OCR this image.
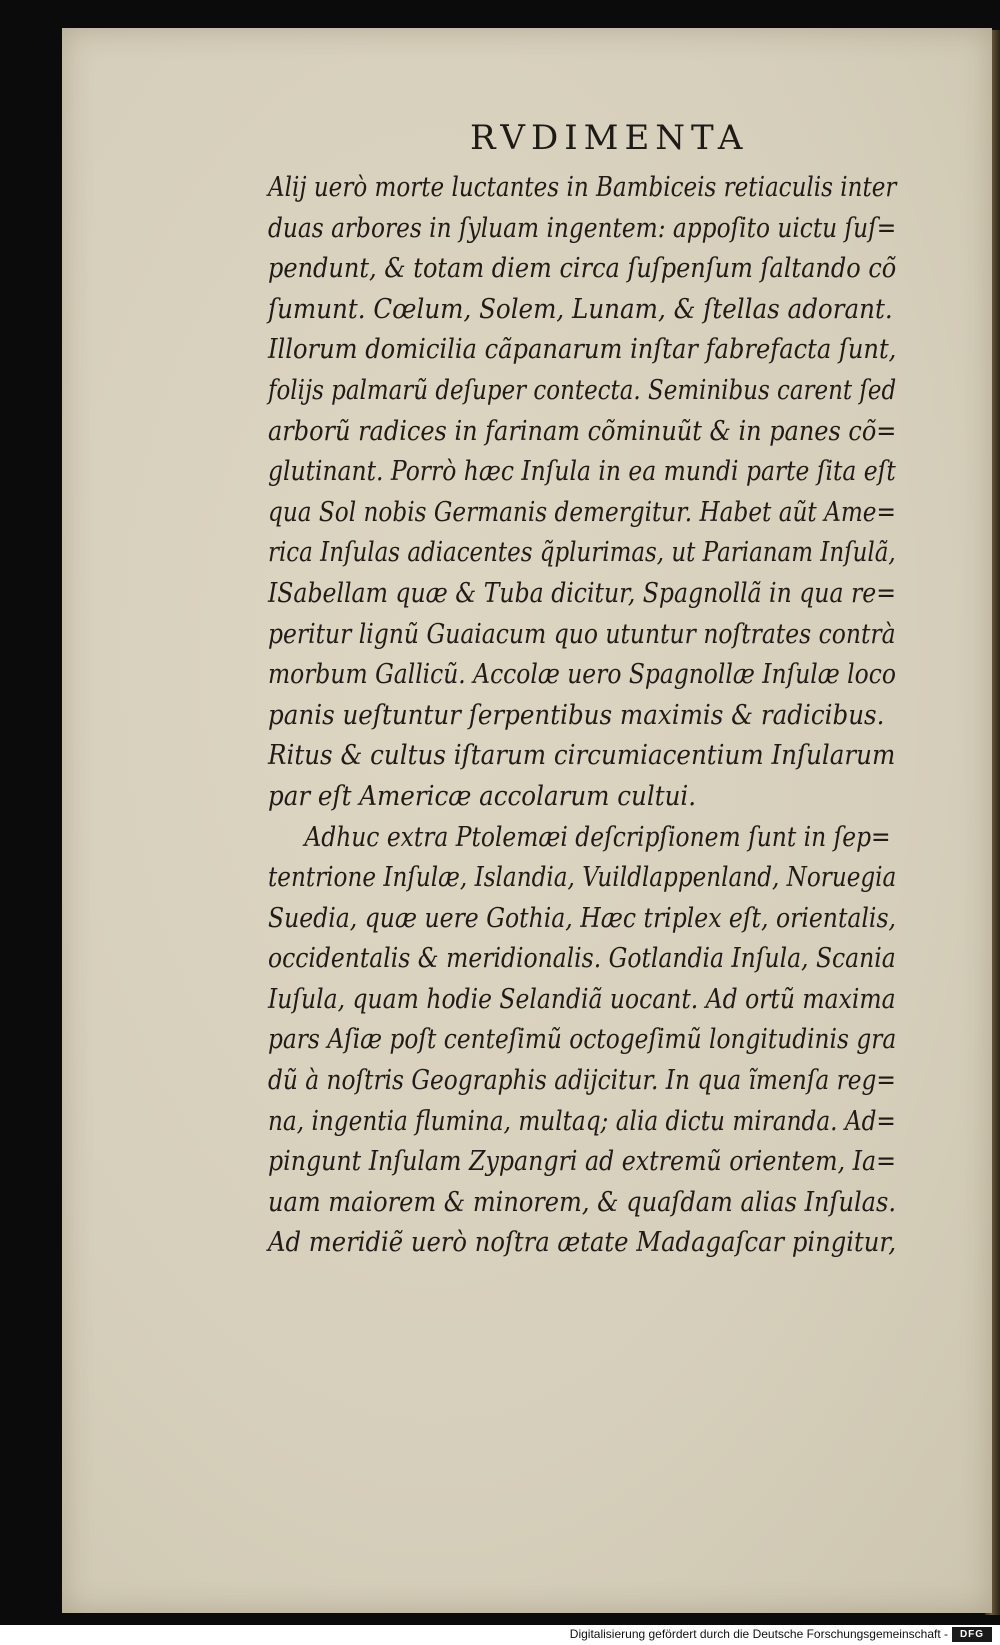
RVDIMENTA
Alij uerò morte luctantes in Bambiceis retiaculis inter
duas arbores in ſyluam ingentem: appoſito uictu ſuſ=
pendunt, & totam diem circa ſuſpenſum ſaltando cõ
ſumunt. Cœlum, Solem, Lunam, & ſtellas adorant.
Illorum domicilia cãpanarum inſtar fabrefacta ſunt,
folijs palmarũ deſuper contecta. Seminibus carent ſed
arborũ radices in farinam cõminuũt & in panes cõ=
glutinant. Porrò hæc Inſula in ea mundi parte ſita eſt
qua Sol nobis Germanis demergitur. Habet aũt Ame=
rica Inſulas adiacentes q̃plurimas, ut Parianam Inſulã,
ISabellam quæ & Tuba dicitur, Spagnollã in qua re=
peritur lignũ Guaiacum quo utuntur noſtrates contrà
morbum Gallicũ. Accolæ uero Spagnollæ Inſulæ loco
panis ueſtuntur ſerpentibus maximis & radicibus.
Ritus & cultus iſtarum circumiacentium Inſularum
par eſt Americæ accolarum cultui.
Adhuc extra Ptolemæi deſcripſionem ſunt in ſep=
tentrione Inſulæ, Islandia, Vuildlappenland, Noruegia
Suedia, quæ uere Gothia, Hæc triplex eſt, orientalis,
occidentalis & meridionalis. Gotlandia Inſula, Scania
Iuſula, quam hodie Selandiã uocant. Ad ortũ maxima
pars Aſiæ poſt centeſimũ octogeſimũ longitudinis gra
dũ à noſtris Geographis adijcitur. In qua ĩmenſa reg=
na, ingentia flumina, multaq; alia dictu miranda. Ad=
pingunt Inſulam Zypangri ad extremũ orientem, Ia=
uam maiorem & minorem, & quaſdam alias Inſulas.
Ad meridiẽ uerò noſtra ætate Madagaſcar pingitur,
Digitalisierung gefördert durch die Deutsche Forschungsgemeinschaft -	DFG
